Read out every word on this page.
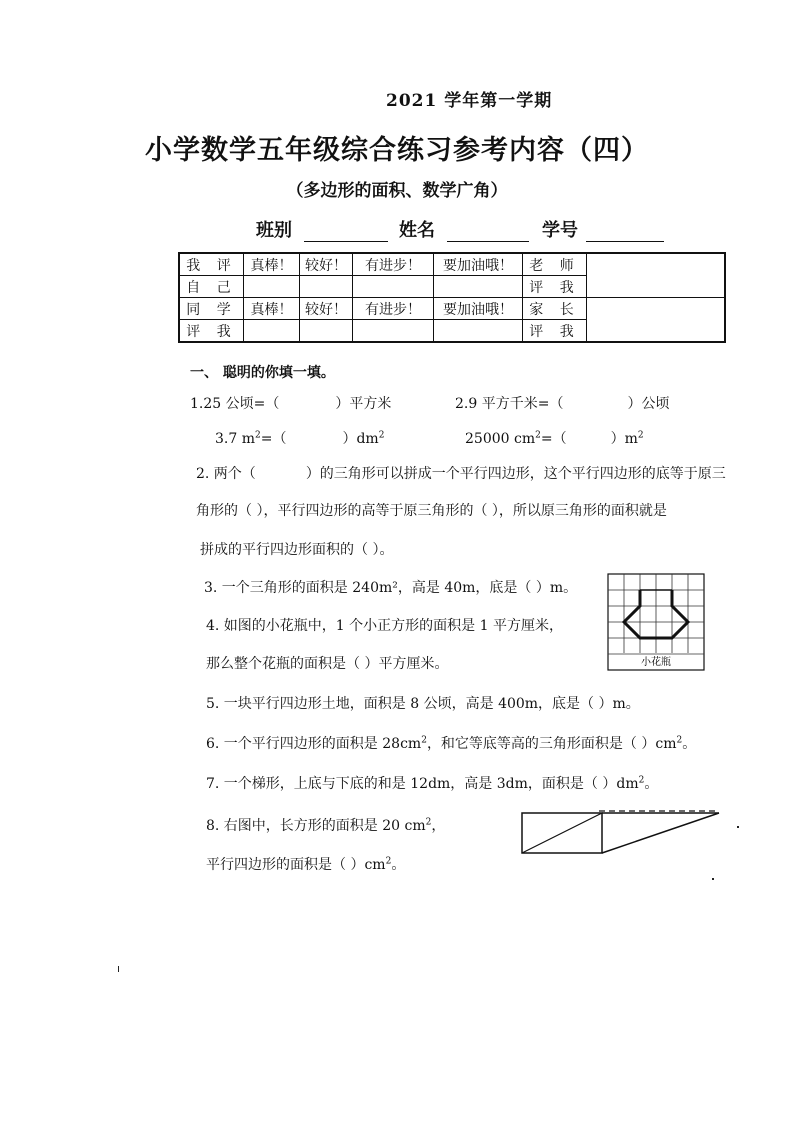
2021 学年第一学期
小学数学五年级综合练习参考内容（四）
（多边形的面积、数学广角）
班别	姓名	学号
我 评	真棒！	较好！	有进步！	要加油哦！	老 师	
自 己					评 我	
同 学	真棒！	较好！	有进步！	要加油哦！	家 长	
评 我					评 我	
一、 聪明的你填一填。
1.25 公顷=（	）平方米	2.9 平方千米=（	）公顷
3.7 $m^2=$（	）$dm^2$	25000 $cm^2=$（	）$m^2$
2. 两个（	）的三角形可以拼成一个平行四边形，这个平行四边形的底等于原三
角形的（ ），平行四边形的高等于原三角形的（ ），所以原三角形的面积就是
拼成的平行四边形面积的（ ）。
3. 一个三角形的面积是 240m²，高是 40m，底是（ ）m。
4. 如图的小花瓶中，1 个小正方形的面积是 1 平方厘米，
那么整个花瓶的面积是（ ）平方厘米。	小花瓶
5. 一块平行四边形土地，面积是 8 公顷，高是 400m，底是（ ）m。
6. 一个平行四边形的面积是 $28cm^2$，和它等底等高的三角形面积是（ ）$cm^2$。
7. 一个梯形，上底与下底的和是 12dm，高是 3dm，面积是（ ）$dm^2$。
8. 右图中，长方形的面积是 20 $cm^2$，
平行四边形的面积是（ ）$cm^2$。
